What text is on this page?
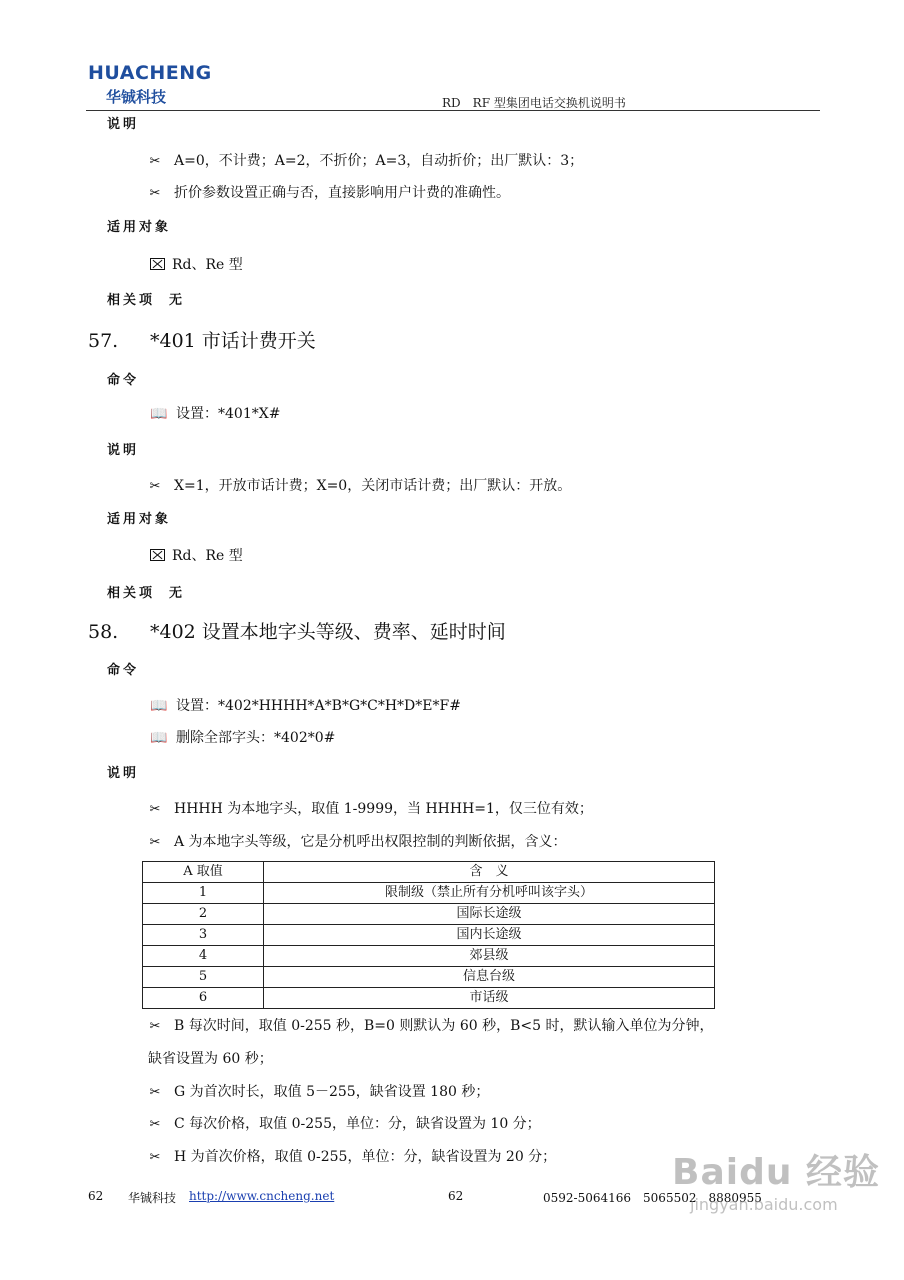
HUACHENG
华铖科技	RD　RF 型集团电话交换机说明书
说明
✂ A=0，不计费；A=2，不折价；A=3，自动折价；出厂默认：3；
✂ 折价参数设置正确与否，直接影响用户计费的准确性。
适用对象
Rd、Re 型
相关项 无
57. *401 市话计费开关
命令
📖 设置：*401*X#
说明
✂ X=1，开放市话计费；X=0，关闭市话计费；出厂默认：开放。
适用对象
Rd、Re 型
相关项 无
58. *402 设置本地字头等级、费率、延时时间
命令
📖 设置：*402*HHHH*A*B*G*C*H*D*E*F#
📖 删除全部字头：*402*0#
说明
✂ HHHH 为本地字头，取值 1-9999，当 HHHH=1，仅三位有效；
✂ A 为本地字头等级，它是分机呼出权限控制的判断依据，含义：
A 取值	含　义
1	限制级（禁止所有分机呼叫该字头）
2	国际长途级
3	国内长途级
4	郊县级
5	信息台级
6	市话级
✂ B 每次时间，取值 0-255 秒，B=0 则默认为 60 秒，B<5 时，默认输入单位为分钟，
缺省设置为 60 秒；
✂ G 为首次时长，取值 5－255，缺省设置 180 秒；
✂ C 每次价格，取值 0-255，单位：分，缺省设置为 10 分；
✂ H 为首次价格，取值 0-255，单位：分，缺省设置为 20 分；
62 华铖科技 http://www.cncheng.net	62	0592-5064166　5065502　8880955
Baidu 经验
jingyan.baidu.com
